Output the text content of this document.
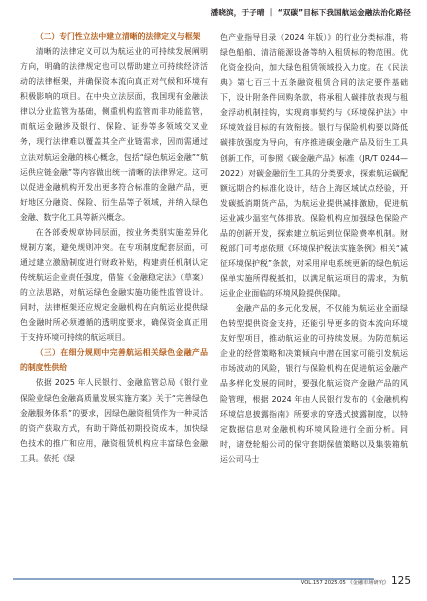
潘晓滨，于子晴 ｜ “双碳”目标下我国航运金融法治化路径

（二）专门性立法中建立清晰的法律定义与框架

清晰的法律定义可以为航运业的可持续发展阐明方向，明确的法律规定也可以帮助建立可持续经济活动的法律框架，并确保资本流向真正对气候和环境有积极影响的项目。在中央立法层面，我国现有金融法律以分业监管为基础，侧重机构监管而非功能监管，而航运金融涉及银行、保险、证券等多领域交叉业务，现行法律难以覆盖其全产业链需求，因而需通过立法对航运金融的核心概念，包括“绿色航运金融”“航运供应链金融”等内容做出统一清晰的法律界定。这可以促进金融机构开发出更多符合标准的金融产品，更好地区分融资、保险、衍生品等子领域，并纳入绿色金融、数字化工具等新兴概念。

在各部委规章协同层面，按业务类别实施差异化规制方案，避免规则冲突。在专项制度配套层面，可通过建立激励制度进行财政补贴，构建责任机制认定传统航运企业责任强度，借鉴《金融稳定法》（草案）的立法思路，对航运绿色金融实施功能性监管设计。同时，法律框架还应规定金融机构在向航运业提供绿色金融时所必须遵循的透明度要求，确保资金真正用于支持环境可持续的航运项目。

（三）在细分规则中完善航运相关绿色金融产品的制度性供给

依据 2025 年人民银行、金融监管总局《银行业保险业绿色金融高质量发展实施方案》关于“完善绿色金融服务体系”的要求，因绿色融资租赁作为一种灵活的资产获取方式，有助于降低初期投资成本，加快绿色技术的推广和应用，融资租赁机构应丰富绿色金融工具。依托《绿

色产业指导目录（2024 年版）》的行业分类标准，将绿色船舶、清洁能源设备等纳入租赁标的物范围。优化资金投向，加大绿色租赁领域投入力度。在《民法典》第七百三十五条融资租赁合同的法定要件基础下，设计附条件回购条款，将承租人碳排放表现与租金浮动机制挂钩，实现商事契约与《环境保护法》中环境效益目标的有效衔接。银行与保险机构要以降低碳排放强度为导向，有序推进碳金融产品及衍生工具创新工作，可参照《碳金融产品》标准（JR/T 0244—2022）对碳金融衍生工具的分类要求，探索航运碳配额远期合约标准化设计，结合上海区域试点经验，开发碳抵消期货产品，为航运业提供减排激励，促进航运业减少温室气体排放。保险机构应加强绿色保险产品的创新开发，探索建立航运到位保险费率机制。财税部门可考虑依照《环境保护税法实施条例》相关“减征环境保护税”条款，对采用岸电系统更新的绿色航运保单实施所得税抵扣，以满足航运项目的需求，为航运业企业面临的环境风险提供保障。

金融产品的多元化发展，不仅能为航运业全面绿色转型提供资金支持，还能引导更多的资本流向环境友好型项目，推动航运业的可持续发展。为防范航运企业的经营策略和决策倾向中潜在国家可能引发航运市场波动的风险，银行与保险机构在促进航运金融产品多样化发展的同时，要强化航运资产金融产品的风险管理，根据 2024 年由人民银行发布的《金融机构环境信息披露指南》所要求的穿透式披露制度，以特定数据信息对金融机构环境风险进行全面分析。同时，诸登轮船公司的保守套期保值策略以及集装箱航运公司马士

VOL.157 2025.05 《金融市场研究》 125
